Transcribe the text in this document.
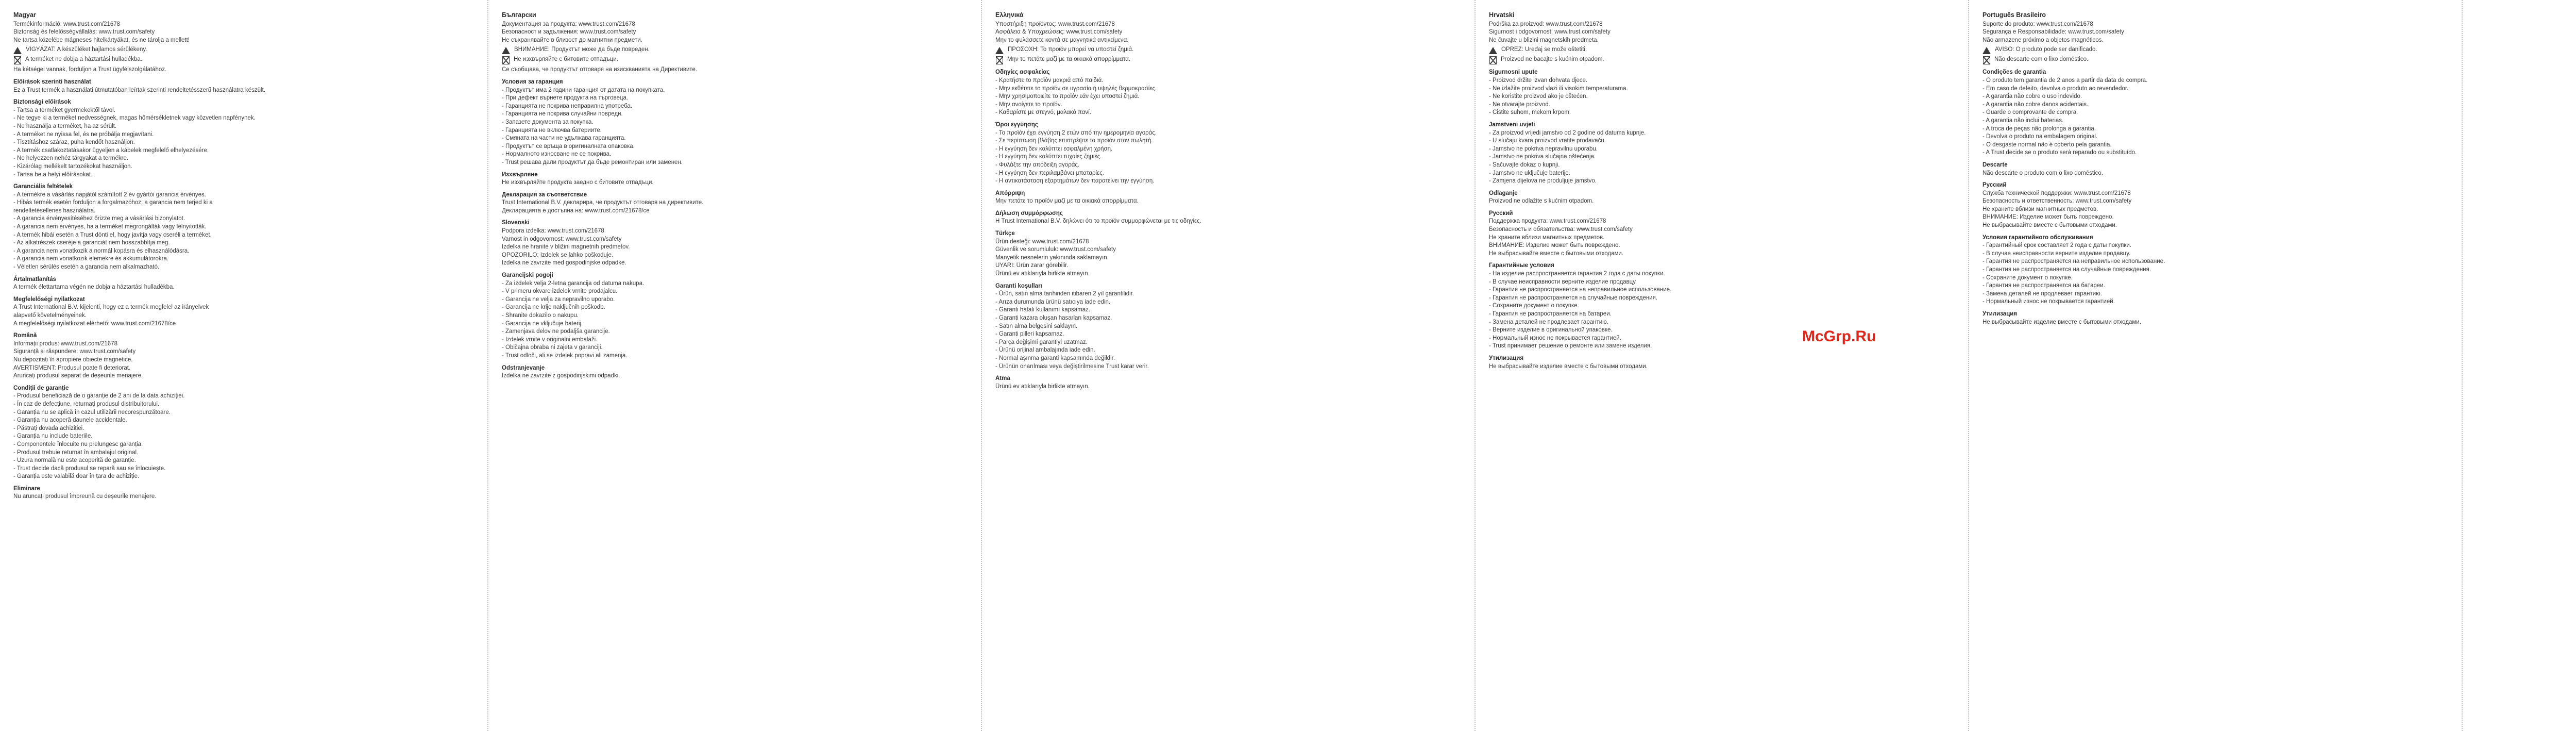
Magyar
Termékinformáció: www.trust.com/21678
Biztonság és felelősségvállalás: www.trust.com/safety
Ne tartsa közelébe mágneses hitelkártyákat, és ne tárolja a mellett!
VIGYÁZAT: A készüléket hajlamos sérülékeny.
A terméket ne dobja a háztartási hulladékba.
Ha kétségei vannak, forduljon a Trust ügyfélszolgálatához.
Előírások szerinti használat
Ez a Trust termék a használati útmutatóban leírtak szerinti rendeltetésszerű használatra készült.
Biztonsági előírások
- Tartsa a terméket gyermekektől távol.
- Ne tegye ki a terméket nedvességnek, magas hőmérsékletnek vagy közvetlen napfénynek.
- Ne használja a terméket, ha az sérült.
- A terméket ne nyissa fel, és ne próbálja megjavítani.
- Tisztításhoz száraz, puha kendőt használjon.
- A termék csatlakoztatásakor ügyeljen a kábelek megfelelő elhelyezésére.
- Ne helyezzen nehéz tárgyakat a termékre.
- Kizárólag mellékelt tartozékokat használjon.
- Tartsa be a helyi előírásokat.
Garanciális feltételek
- A termékre a vásárlás napjától számított 2 év gyártói garancia érvényes.
- Hibás termék esetén forduljon a forgalmazóhoz; a garancia nem terjed ki a
rendeltetésellenes használatra.
- A garancia érvényesítéséhez őrizze meg a vásárlási bizonylatot.
- A garancia nem érvényes, ha a terméket megrongálták vagy felnyitották.
- A termék hibái esetén a Trust dönti el, hogy javítja vagy cseréli a terméket.
- Az alkatrészek cseréje a garanciát nem hosszabbítja meg.
- A garancia nem vonatkozik a normál kopásra és elhasználódásra.
- A garancia nem vonatkozik elemekre és akkumulátorokra.
- Véletlen sérülés esetén a garancia nem alkalmazható.
Ártalmatlanítás
A termék élettartama végén ne dobja a háztartási hulladékba.
Megfelelőségi nyilatkozat
A Trust International B.V. kijelenti, hogy ez a termék megfelel az irányelvek
alapvető követelményeinek.
A megfelelőségi nyilatkozat elérhető: www.trust.com/21678/ce
Română
Informații produs: www.trust.com/21678
Siguranță și răspundere: www.trust.com/safety
Nu depozitați în apropiere obiecte magnetice.
AVERTISMENT: Produsul poate fi deteriorat.
Aruncați produsul separat de deșeurile menajere.
Condiții de garanție
- Produsul beneficiază de o garanție de 2 ani de la data achiziției.
- În caz de defecțiune, returnați produsul distribuitorului.
- Garanția nu se aplică în cazul utilizării necorespunzătoare.
- Garanția nu acoperă daunele accidentale.
- Păstrați dovada achiziției.
- Garanția nu include bateriile.
- Componentele înlocuite nu prelungesc garanția.
- Produsul trebuie returnat în ambalajul original.
- Uzura normală nu este acoperită de garanție.
- Trust decide dacă produsul se repară sau se înlocuiește.
- Garanția este valabilă doar în țara de achiziție.
Eliminare
Nu aruncați produsul împreună cu deșeurile menajere.
Български
Документация за продукта: www.trust.com/21678
Безопасност и задължения: www.trust.com/safety
Не съхранявайте в близост до магнитни предмети.
ВНИМАНИЕ: Продуктът може да бъде повреден.
Не изхвърляйте с битовите отпадъци.
Се съобщава, че продуктът отговаря на изискванията на Директивите.
Условия за гаранция
- Продуктът има 2 години гаранция от датата на покупката.
- При дефект върнете продукта на търговеца.
- Гаранцията не покрива неправилна употреба.
- Гаранцията не покрива случайни повреди.
- Запазете документа за покупка.
- Гаранцията не включва батериите.
- Смяната на части не удължава гаранцията.
- Продуктът се връща в оригиналната опаковка.
- Нормалното износване не се покрива.
- Trust решава дали продуктът да бъде ремонтиран или заменен.
Изхвърляне
Не изхвърляйте продукта заедно с битовите отпадъци.
Декларация за съответствие
Trust International B.V. декларира, че продуктът отговаря на директивите.
Декларацията е достъпна на: www.trust.com/21678/ce
Slovenski
Podpora izdelka: www.trust.com/21678
Varnost in odgovornost: www.trust.com/safety
Izdelka ne hranite v bližini magnetnih predmetov.
OPOZORILO: Izdelek se lahko poškoduje.
Izdelka ne zavrzite med gospodinjske odpadke.
Garancijski pogoji
- Za izdelek velja 2-letna garancija od datuma nakupa.
- V primeru okvare izdelek vrnite prodajalcu.
- Garancija ne velja za nepravilno uporabo.
- Garancija ne krije naključnih poškodb.
- Shranite dokazilo o nakupu.
- Garancija ne vključuje baterij.
- Zamenjava delov ne podaljša garancije.
- Izdelek vrnite v originalni embalaži.
- Običajna obraba ni zajeta v garanciji.
- Trust odloči, ali se izdelek popravi ali zamenja.
Odstranjevanje
Izdelka ne zavrzite z gospodinjskimi odpadki.
Ελληνικά
Υποστήριξη προϊόντος: www.trust.com/21678
Ασφάλεια & Υποχρεώσεις: www.trust.com/safety
Μην το φυλάσσετε κοντά σε μαγνητικά αντικείμενα.
ΠΡΟΣΟΧΗ: Το προϊόν μπορεί να υποστεί ζημιά.
Μην το πετάτε μαζί με τα οικιακά απορρίμματα.
Οδηγίες ασφαλείας
- Κρατήστε το προϊόν μακριά από παιδιά.
- Μην εκθέτετε το προϊόν σε υγρασία ή υψηλές θερμοκρασίες.
- Μην χρησιμοποιείτε το προϊόν εάν έχει υποστεί ζημιά.
- Μην ανοίγετε το προϊόν.
- Καθαρίστε με στεγνό, μαλακό πανί.
Όροι εγγύησης
- Το προϊόν έχει εγγύηση 2 ετών από την ημερομηνία αγοράς.
- Σε περίπτωση βλάβης επιστρέψτε το προϊόν στον πωλητή.
- Η εγγύηση δεν καλύπτει εσφαλμένη χρήση.
- Η εγγύηση δεν καλύπτει τυχαίες ζημιές.
- Φυλάξτε την απόδειξη αγοράς.
- Η εγγύηση δεν περιλαμβάνει μπαταρίες.
- Η αντικατάσταση εξαρτημάτων δεν παρατείνει την εγγύηση.
Απόρριψη
Μην πετάτε το προϊόν μαζί με τα οικιακά απορρίμματα.
Δήλωση συμμόρφωσης
Η Trust International B.V. δηλώνει ότι το προϊόν συμμορφώνεται με τις οδηγίες.
Türkçe
Ürün desteği: www.trust.com/21678
Güvenlik ve sorumluluk: www.trust.com/safety
Manyetik nesnelerin yakınında saklamayın.
UYARI: Ürün zarar görebilir.
Ürünü ev atıklarıyla birlikte atmayın.
Garanti koşulları
- Ürün, satın alma tarihinden itibaren 2 yıl garantilidir.
- Arıza durumunda ürünü satıcıya iade edin.
- Garanti hatalı kullanımı kapsamaz.
- Garanti kazara oluşan hasarları kapsamaz.
- Satın alma belgesini saklayın.
- Garanti pilleri kapsamaz.
- Parça değişimi garantiyi uzatmaz.
- Ürünü orijinal ambalajında iade edin.
- Normal aşınma garanti kapsamında değildir.
- Ürünün onarılması veya değiştirilmesine Trust karar verir.
Atma
Ürünü ev atıklarıyla birlikte atmayın.
Hrvatski
Podrška za proizvod: www.trust.com/21678
Sigurnost i odgovornost: www.trust.com/safety
Ne čuvajte u blizini magnetskih predmeta.
OPREZ: Uređaj se može oštetiti.
Proizvod ne bacajte s kućnim otpadom.
Sigurnosni upute
- Proizvod držite izvan dohvata djece.
- Ne izlažite proizvod vlazi ili visokim temperaturama.
- Ne koristite proizvod ako je oštećen.
- Ne otvarajte proizvod.
- Čistite suhom, mekom krpom.
Jamstveni uvjeti
- Za proizvod vrijedi jamstvo od 2 godine od datuma kupnje.
- U slučaju kvara proizvod vratite prodavaču.
- Jamstvo ne pokriva nepravilnu uporabu.
- Jamstvo ne pokriva slučajna oštećenja.
- Sačuvajte dokaz o kupnji.
- Jamstvo ne uključuje baterije.
- Zamjena dijelova ne produljuje jamstvo.
Odlaganje
Proizvod ne odlažite s kućnim otpadom.
Pусский
Поддержка продукта: www.trust.com/21678
Безопасность и обязательства: www.trust.com/safety
Не храните вблизи магнитных предметов.
ВНИМАНИЕ: Изделие может быть повреждено.
Не выбрасывайте вместе с бытовыми отходами.
Гарантийные условия
- На изделие распространяется гарантия 2 года с даты покупки.
- В случае неисправности верните изделие продавцу.
- Гарантия не распространяется на неправильное использование.
- Гарантия не распространяется на случайные повреждения.
- Сохраните документ о покупке.
- Гарантия не распространяется на батареи.
- Замена деталей не продлевает гарантию.
- Верните изделие в оригинальной упаковке.
- Нормальный износ не покрывается гарантией.
- Trust принимает решение о ремонте или замене изделия.
Утилизация
Не выбрасывайте изделие вместе с бытовыми отходами.
Português Brasileiro
Suporte do produto: www.trust.com/21678
Segurança e Responsabilidade: www.trust.com/safety
Não armazene próximo a objetos magnéticos.
AVISO: O produto pode ser danificado.
Não descarte com o lixo doméstico.
Condições de garantia
- O produto tem garantia de 2 anos a partir da data de compra.
- Em caso de defeito, devolva o produto ao revendedor.
- A garantia não cobre o uso indevido.
- A garantia não cobre danos acidentais.
- Guarde o comprovante de compra.
- A garantia não inclui baterias.
- A troca de peças não prolonga a garantia.
- Devolva o produto na embalagem original.
- O desgaste normal não é coberto pela garantia.
- A Trust decide se o produto será reparado ou substituído.
Descarte
Não descarte o produto com o lixo doméstico.
Русский
Служба технической поддержки: www.trust.com/21678
Безопасность и ответственность: www.trust.com/safety
Не храните вблизи магнитных предметов.
ВНИМАНИЕ: Изделие может быть повреждено.
Не выбрасывайте вместе с бытовыми отходами.
Условия гарантийного обслуживания
- Гарантийный срок составляет 2 года с даты покупки.
- В случае неисправности верните изделие продавцу.
- Гарантия не распространяется на неправильное использование.
- Гарантия не распространяется на случайные повреждения.
- Сохраните документ о покупке.
- Гарантия не распространяется на батареи.
- Замена деталей не продлевает гарантию.
- Нормальный износ не покрывается гарантией.
Утилизация
Не выбрасывайте изделие вместе с бытовыми отходами.
McGrp.Ru
